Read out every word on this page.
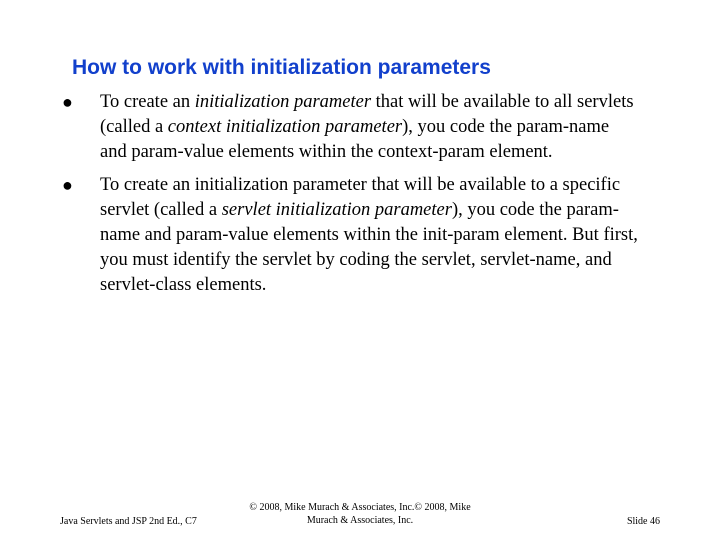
How to work with initialization parameters
● To create an initialization parameter that will be available to all servlets (called a context initialization parameter), you code the param-name and param-value elements within the context-param element.
● To create an initialization parameter that will be available to a specific servlet (called a servlet initialization parameter), you code the param-name and param-value elements within the init-param element. But first, you must identify the servlet by coding the servlet, servlet-name, and servlet-class elements.
Java Servlets and JSP 2nd Ed., C7
© 2008, Mike Murach & Associates, Inc.© 2008, Mike Murach & Associates, Inc.	Slide 46
